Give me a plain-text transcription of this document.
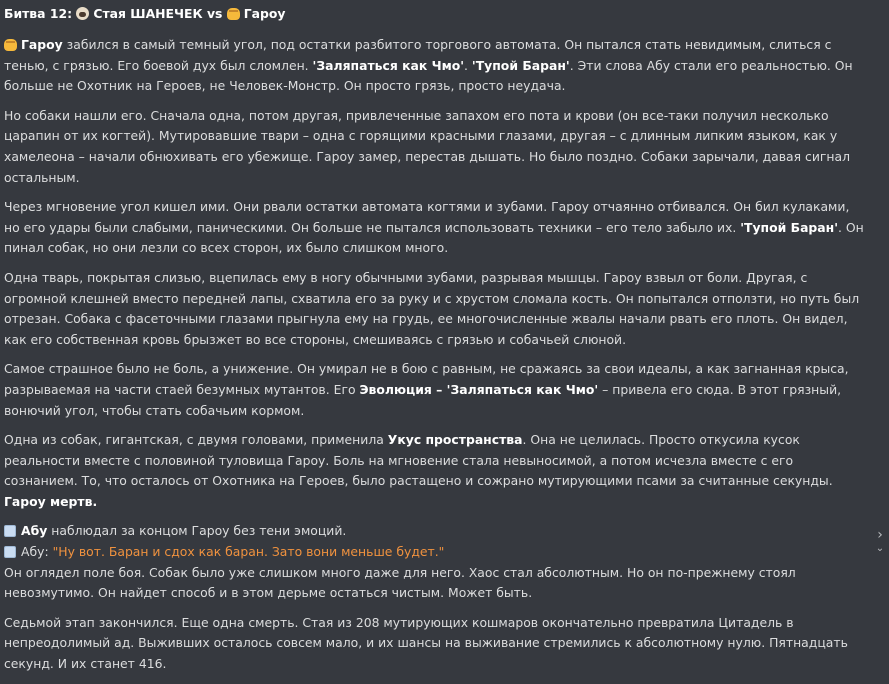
Битва 12: Стая ШАНЕЧЕК vs Гароу

Гароу забился в самый темный угол, под остатки разбитого торгового автомата. Он пытался стать невидимым, слиться с тенью, с грязью. Его боевой дух был сломлен. 'Заляпаться как Чмо'. 'Тупой Баран'. Эти слова Абу стали его реальностью. Он больше не Охотник на Героев, не Человек-Монстр. Он просто грязь, просто неудача.

Но собаки нашли его. Сначала одна, потом другая, привлеченные запахом его пота и крови (он все-таки получил несколько царапин от их когтей). Мутировавшие твари – одна с горящими красными глазами, другая – с длинным липким языком, как у хамелеона – начали обнюхивать его убежище. Гароу замер, перестав дышать. Но было поздно. Собаки зарычали, давая сигнал остальным.

Через мгновение угол кишел ими. Они рвали остатки автомата когтями и зубами. Гароу отчаянно отбивался. Он бил кулаками, но его удары были слабыми, паническими. Он больше не пытался использовать техники – его тело забыло их. 'Тупой Баран'. Он пинал собак, но они лезли со всех сторон, их было слишком много.

Одна тварь, покрытая слизью, вцепилась ему в ногу обычными зубами, разрывая мышцы. Гароу взвыл от боли. Другая, с огромной клешней вместо передней лапы, схватила его за руку и с хрустом сломала кость. Он попытался отползти, но путь был отрезан. Собака с фасеточными глазами прыгнула ему на грудь, ее многочисленные жвалы начали рвать его плоть. Он видел, как его собственная кровь брызжет во все стороны, смешиваясь с грязью и собачьей слюной.

Самое страшное было не боль, а унижение. Он умирал не в бою с равным, не сражаясь за свои идеалы, а как загнанная крыса, разрываемая на части стаей безумных мутантов. Его Эволюция – 'Заляпаться как Чмо' – привела его сюда. В этот грязный, вонючий угол, чтобы стать собачьим кормом.

Одна из собак, гигантская, с двумя головами, применила Укус пространства. Она не целилась. Просто откусила кусок реальности вместе с половиной туловища Гароу. Боль на мгновение стала невыносимой, а потом исчезла вместе с его сознанием. То, что осталось от Охотника на Героев, было растащено и сожрано мутирующими псами за считанные секунды. Гароу мертв.

Абу наблюдал за концом Гароу без тени эмоций.

Абу: "Ну вот. Баран и сдох как баран. Зато вони меньше будет."

Он оглядел поле боя. Собак было уже слишком много даже для него. Хаос стал абсолютным. Но он по-прежнему стоял невозмутимо. Он найдет способ и в этом дерьме остаться чистым. Может быть.

Седьмой этап закончился. Еще одна смерть. Стая из 208 мутирующих кошмаров окончательно превратила Цитадель в непреодолимый ад. Выживших осталось совсем мало, и их шансы на выживание стремились к абсолютному нулю. Пятнадцать секунд. И их станет 416.

›
⌄
